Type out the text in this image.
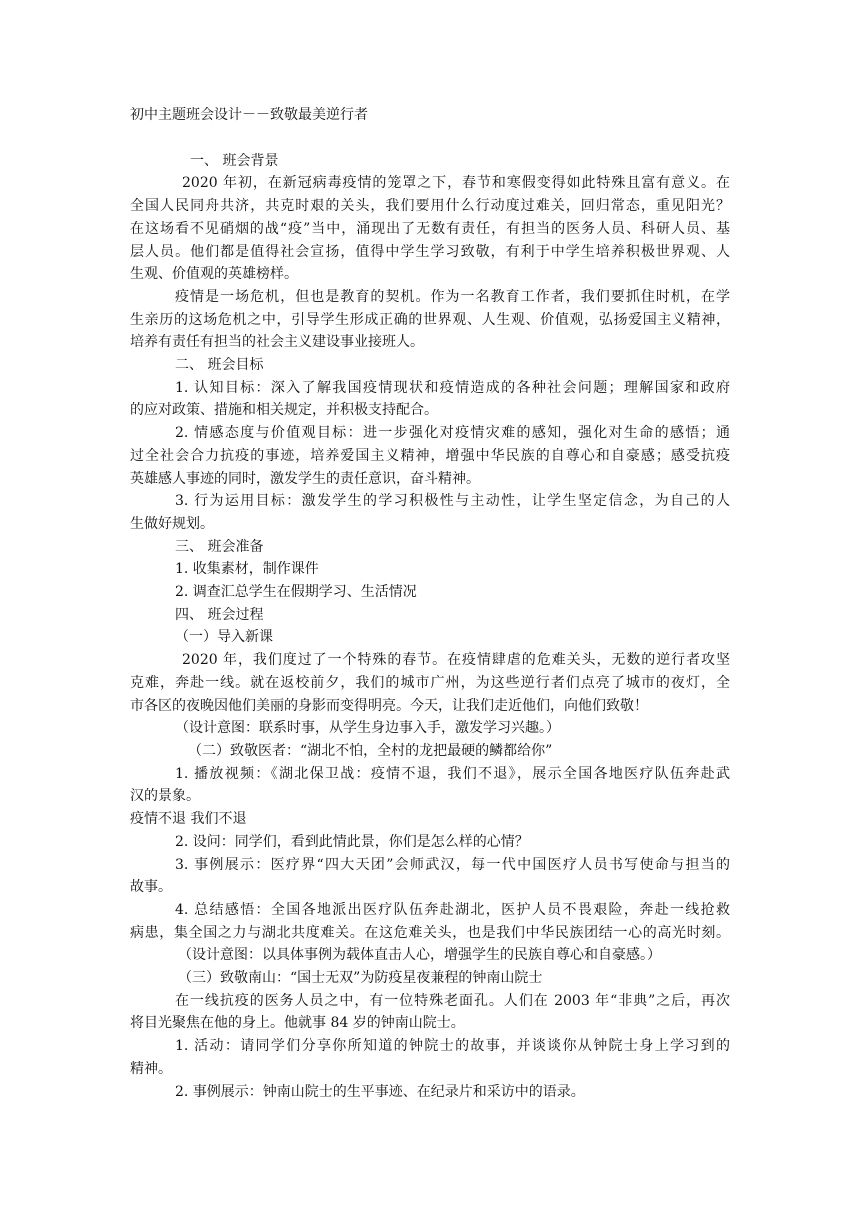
初中主题班会设计－－致敬最美逆行者

一、 班会背景

2020 年初，在新冠病毒疫情的笼罩之下，春节和寒假变得如此特殊且富有意义。在

全国人民同舟共济，共克时艰的关头，我们要用什么行动度过难关，回归常态，重见阳光？

在这场看不见硝烟的战“疫”当中，涌现出了无数有责任，有担当的医务人员、科研人员、基

层人员。他们都是值得社会宣扬，值得中学生学习致敬，有利于中学生培养积极世界观、人

生观、价值观的英雄榜样。

疫情是一场危机，但也是教育的契机。作为一名教育工作者，我们要抓住时机，在学

生亲历的这场危机之中，引导学生形成正确的世界观、人生观、价值观，弘扬爱国主义精神，

培养有责任有担当的社会主义建设事业接班人。

二、 班会目标

1. 认知目标：深入了解我国疫情现状和疫情造成的各种社会问题；理解国家和政府

的应对政策、措施和相关规定，并积极支持配合。

2. 情感态度与价值观目标：进一步强化对疫情灾难的感知，强化对生命的感悟；通

过全社会合力抗疫的事迹，培养爱国主义精神，增强中华民族的自尊心和自豪感；感受抗疫

英雄感人事迹的同时，激发学生的责任意识，奋斗精神。

3. 行为运用目标：激发学生的学习积极性与主动性，让学生坚定信念，为自己的人

生做好规划。

三、 班会准备

1. 收集素材，制作课件

2. 调查汇总学生在假期学习、生活情况

四、 班会过程

（一）导入新课

2020 年，我们度过了一个特殊的春节。在疫情肆虐的危难关头，无数的逆行者攻坚

克难，奔赴一线。就在返校前夕，我们的城市广州，为这些逆行者们点亮了城市的夜灯，全

市各区的夜晚因他们美丽的身影而变得明亮。今天，让我们走近他们，向他们致敬！

（设计意图：联系时事，从学生身边事入手，激发学习兴趣。）

（二）致敬医者：“湖北不怕，全村的龙把最硬的鳞都给你”

1. 播放视频：《湖北保卫战：疫情不退，我们不退》，展示全国各地医疗队伍奔赴武

汉的景象。

疫情不退 我们不退

2. 设问：同学们，看到此情此景，你们是怎么样的心情？

3. 事例展示：医疗界“四大天团”会师武汉，每一代中国医疗人员书写使命与担当的

故事。

4. 总结感悟：全国各地派出医疗队伍奔赴湖北，医护人员不畏艰险，奔赴一线抢救

病患，集全国之力与湖北共度难关。在这危难关头，也是我们中华民族团结一心的高光时刻。

（设计意图：以具体事例为载体直击人心，增强学生的民族自尊心和自豪感。）

（三）致敬南山：“国士无双”为防疫星夜兼程的钟南山院士

在一线抗疫的医务人员之中，有一位特殊老面孔。人们在 2003 年“非典”之后，再次

将目光聚焦在他的身上。他就事 84 岁的钟南山院士。

1. 活动：请同学们分享你所知道的钟院士的故事，并谈谈你从钟院士身上学习到的

精神。

2. 事例展示：钟南山院士的生平事迹、在纪录片和采访中的语录。
